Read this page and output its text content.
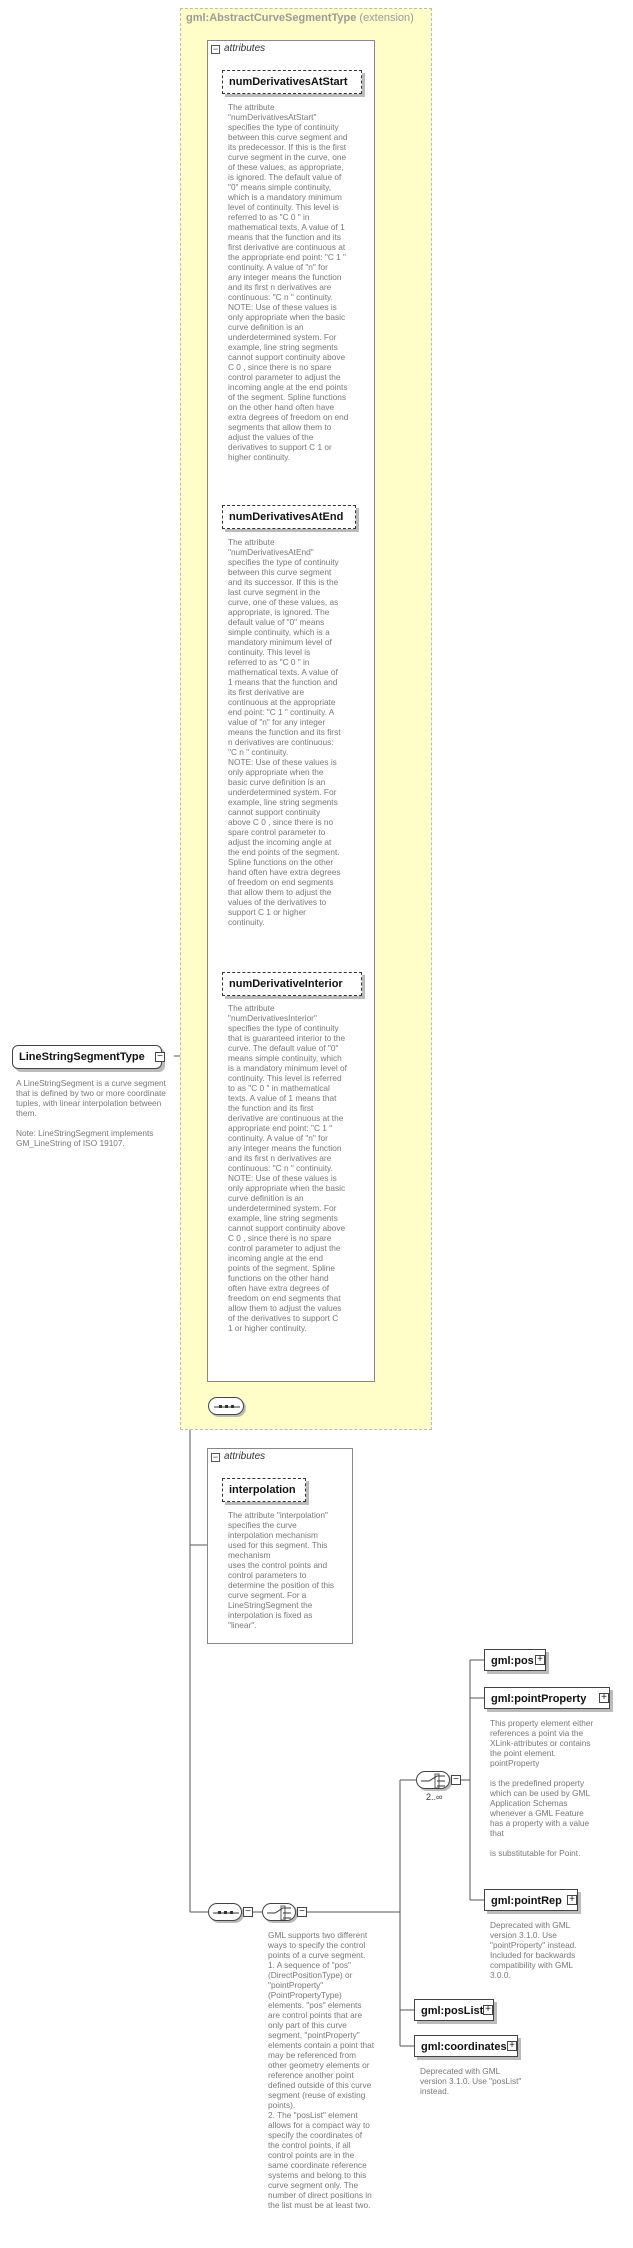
gml:AbstractCurveSegmentType (extension)
LineStringSegmentType −
A LineStringSegment is a curve segment that is defined by two or more coordinate tuples, with linear interpolation between them.

Note: LineStringSegment implements GM_LineString of ISO 19107.
− attributes
numDerivativesAtStart
The attribute
"numDerivativesAtStart"
specifies the type of continuity
between this curve segment and
its predecessor. If this is the first
curve segment in the curve, one
of these values, as appropriate,
is ignored. The default value of
"0" means simple continuity,
which is a mandatory minimum
level of continuity. This level is
referred to as "C 0 " in
mathematical texts. A value of 1
means that the function and its
first derivative are continuous at
the appropriate end point: "C 1 "
continuity. A value of "n" for
any integer means the function
and its first n derivatives are
continuous: "C n " continuity.
NOTE: Use of these values is
only appropriate when the basic
curve definition is an
underdetermined system. For
example, line string segments
cannot support continuity above
C 0 , since there is no spare
control parameter to adjust the
incoming angle at the end points
of the segment. Spline functions
on the other hand often have
extra degrees of freedom on end
segments that allow them to
adjust the values of the
derivatives to support C 1 or
higher continuity.
numDerivativesAtEnd
The attribute
"numDerivativesAtEnd"
specifies the type of continuity
between this curve segment
and its successor. If this is the
last curve segment in the
curve, one of these values, as
appropriate, is ignored. The
default value of "0" means
simple continuity, which is a
mandatory minimum level of
continuity. This level is
referred to as "C 0 " in
mathematical texts. A value of
1 means that the function and
its first derivative are
continuous at the appropriate
end point: "C 1 " continuity. A
value of "n" for any integer
means the function and its first
n derivatives are continuous:
"C n " continuity.
NOTE: Use of these values is
only appropriate when the
basic curve definition is an
underdetermined system. For
example, line string segments
cannot support continuity
above C 0 , since there is no
spare control parameter to
adjust the incoming angle at
the end points of the segment.
Spline functions on the other
hand often have extra degrees
of freedom on end segments
that allow them to adjust the
values of the derivatives to
support C 1 or higher
continuity.
numDerivativeInterior
The attribute
"numDerivativesInterior"
specifies the type of continuity
that is guaranteed interior to the
curve. The default value of "0"
means simple continuity, which
is a mandatory minimum level of
continuity. This level is referred
to as "C 0 " in mathematical
texts. A value of 1 means that
the function and its first
derivative are continuous at the
appropriate end point: "C 1 "
continuity. A value of "n" for
any integer means the function
and its first n derivatives are
continuous: "C n " continuity.
NOTE: Use of these values is
only appropriate when the basic
curve definition is an
underdetermined system. For
example, line string segments
cannot support continuity above
C 0 , since there is no spare
control parameter to adjust the
incoming angle at the end
points of the segment. Spline
functions on the other hand
often have extra degrees of
freedom on end segments that
allow them to adjust the values
of the derivatives to support C
1 or higher continuity.
− attributes
interpolation
The attribute "interpolation"
specifies the curve
interpolation mechanism
used for this segment. This
mechanism
uses the control points and
control parameters to
determine the position of this
curve segment. For a
LineStringSegment the
interpolation is fixed as
"linear".
−	−
GML supports two different
ways to specify the control
points of a curve segment.
1. A sequence of "pos"
(DirectPositionType) or
"pointProperty"
(PointPropertyType)
elements. "pos" elements
are control points that are
only part of this curve
segment, "pointProperty"
elements contain a point that
may be referenced from
other geometry elements or
reference another point
defined outside of this curve
segment (reuse of existing
points).
2. The "posList" element
allows for a compact way to
specify the coordinates of
the control points, if all
control points are in the
same coordinate reference
systems and belong to this
curve segment only. The
number of direct positions in
the list must be at least two.
−
2..∞
gml:pos +
gml:pointProperty +
This property element either
references a point via the
XLink-attributes or contains
the point element.
pointProperty

is the predefined property
which can be used by GML
Application Schemas
whenever a GML Feature
has a property with a value
that

is substitutable for Point.
gml:pointRep +
Deprecated with GML
version 3.1.0. Use
"pointProperty" instead.
Included for backwards
compatibility with GML
3.0.0.
gml:posList +
gml:coordinates +
Deprecated with GML
version 3.1.0. Use "posList"
instead.
